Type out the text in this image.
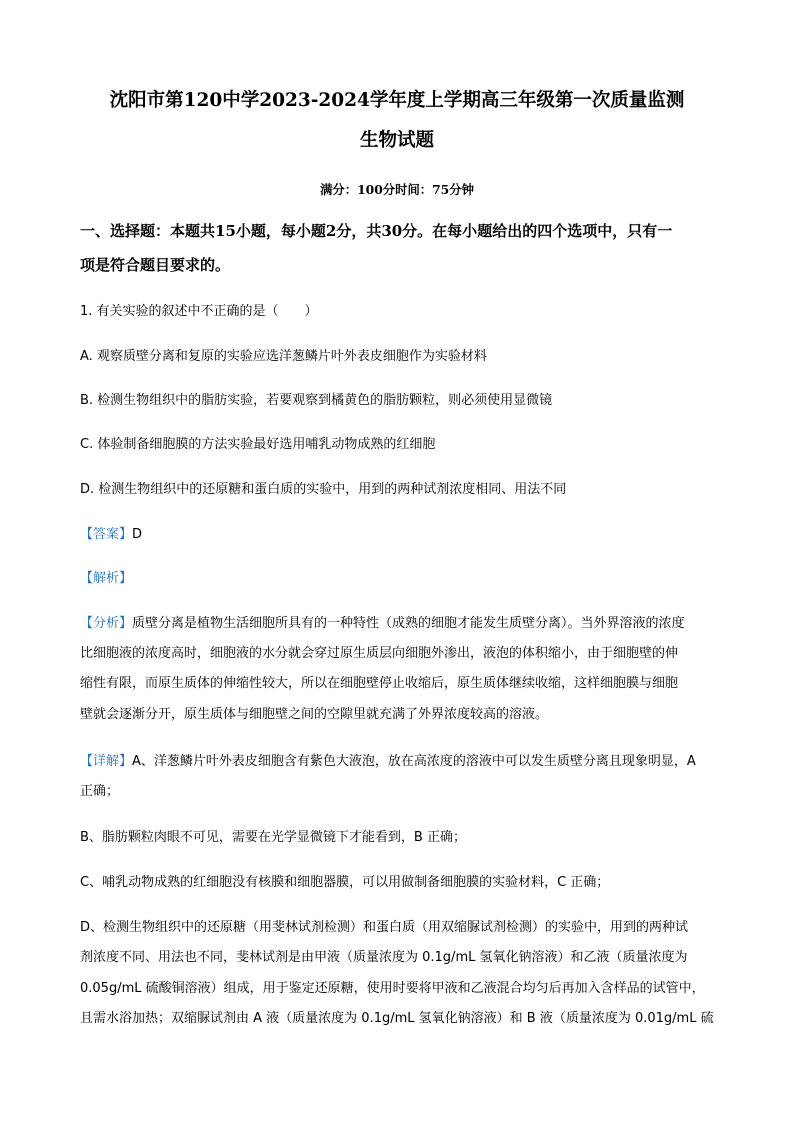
沈阳市第120中学2023-2024学年度上学期高三年级第一次质量监测
生物试题
满分：100分时间：75分钟
一、选择题：本题共15小题，每小题2分，共30分。在每小题给出的四个选项中，只有一
项是符合题目要求的。
1. 有关实验的叙述中不正确的是（　　）
A. 观察质壁分离和复原的实验应选洋葱鳞片叶外表皮细胞作为实验材料
B. 检测生物组织中的脂肪实验，若要观察到橘黄色的脂肪颗粒，则必须使用显微镜
C. 体验制备细胞膜的方法实验最好选用哺乳动物成熟的红细胞
D. 检测生物组织中的还原糖和蛋白质的实验中，用到的两种试剂浓度相同、用法不同
【答案】D
【解析】
【分析】质壁分离是植物生活细胞所具有的一种特性（成熟的细胞才能发生质壁分离）。当外界溶液的浓度
比细胞液的浓度高时，细胞液的水分就会穿过原生质层向细胞外渗出，液泡的体积缩小，由于细胞壁的伸
缩性有限，而原生质体的伸缩性较大，所以在细胞壁停止收缩后，原生质体继续收缩，这样细胞膜与细胞
壁就会逐渐分开，原生质体与细胞壁之间的空隙里就充满了外界浓度较高的溶液。
【详解】A、洋葱鳞片叶外表皮细胞含有紫色大液泡，放在高浓度的溶液中可以发生质壁分离且现象明显，A
正确；
B、脂肪颗粒肉眼不可见，需要在光学显微镜下才能看到，B 正确；
C、哺乳动物成熟的红细胞没有核膜和细胞器膜，可以用做制备细胞膜的实验材料，C 正确；
D、检测生物组织中的还原糖（用斐林试剂检测）和蛋白质（用双缩脲试剂检测）的实验中，用到的两种试
剂浓度不同、用法也不同，斐林试剂是由甲液（质量浓度为 0.1g/mL 氢氧化钠溶液）和乙液（质量浓度为
0.05g/mL 硫酸铜溶液）组成，用于鉴定还原糖，使用时要将甲液和乙液混合均匀后再加入含样品的试管中，
且需水浴加热；双缩脲试剂由 A 液（质量浓度为 0.1g/mL 氢氧化钠溶液）和 B 液（质量浓度为 0.01g/mL 硫
